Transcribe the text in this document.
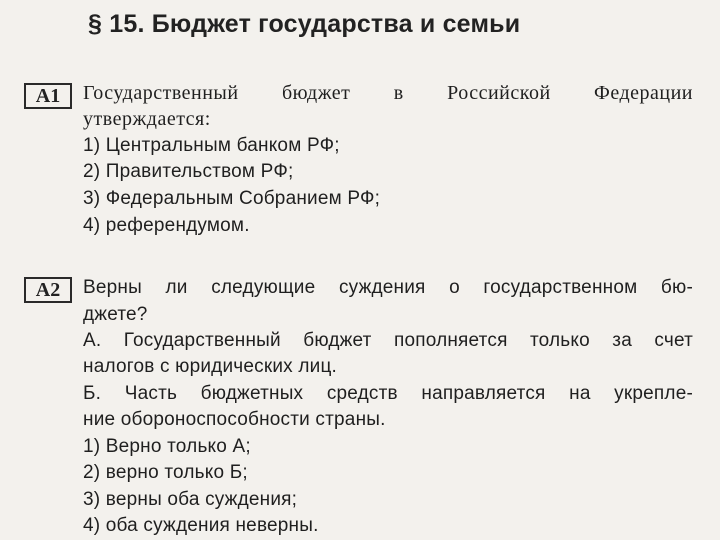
§ 15. Бюджет государства и семьи
A1	Государственный бюджет в Российской Федерации
утверждается:
1) Центральным банком РФ;
2) Правительством РФ;
3) Федеральным Собранием РФ;
4) референдумом.
A2	Верны ли следующие суждения о государственном бю-
джете?
А. Государственный бюджет пополняется только за счет
налогов с юридических лиц.
Б. Часть бюджетных средств направляется на укрепле-
ние обороноспособности страны.
1) Верно только А;
2) верно только Б;
3) верны оба суждения;
4) оба суждения неверны.
